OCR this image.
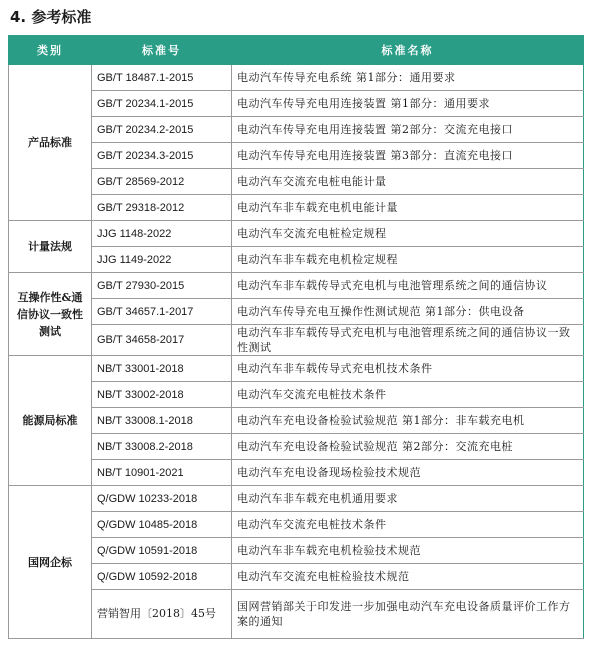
4. 参考标准
类别	标准号	标准名称
产品标准	GB/T 18487.1-2015	电动汽车传导充电系统 第1部分：通用要求
	GB/T 20234.1-2015	电动汽车传导充电用连接装置 第1部分：通用要求
	GB/T 20234.2-2015	电动汽车传导充电用连接装置 第2部分：交流充电接口
	GB/T 20234.3-2015	电动汽车传导充电用连接装置 第3部分：直流充电接口
	GB/T 28569-2012	电动汽车交流充电桩电能计量
	GB/T 29318-2012	电动汽车非车载充电机电能计量
计量法规	JJG 1148-2022	电动汽车交流充电桩检定规程
	JJG 1149-2022	电动汽车非车载充电机检定规程
互操作性&通信协议一致性测试	GB/T 27930-2015	电动汽车非车载传导式充电机与电池管理系统之间的通信协议
	GB/T 34657.1-2017	电动汽车传导充电互操作性测试规范 第1部分：供电设备
	GB/T 34658-2017	电动汽车非车载传导式充电机与电池管理系统之间的通信协议一致性测试
能源局标准	NB/T 33001-2018	电动汽车非车载传导式充电机技术条件
	NB/T 33002-2018	电动汽车交流充电桩技术条件
	NB/T 33008.1-2018	电动汽车充电设备检验试验规范 第1部分：非车载充电机
	NB/T 33008.2-2018	电动汽车充电设备检验试验规范 第2部分：交流充电桩
	NB/T 10901-2021	电动汽车充电设备现场检验技术规范
国网企标	Q/GDW 10233-2018	电动汽车非车载充电机通用要求
	Q/GDW 10485-2018	电动汽车交流充电桩技术条件
	Q/GDW 10591-2018	电动汽车非车载充电机检验技术规范
	Q/GDW 10592-2018	电动汽车交流充电桩检验技术规范
	营销智用〔2018〕45号	国网营销部关于印发进一步加强电动汽车充电设备质量评价工作方案的通知
